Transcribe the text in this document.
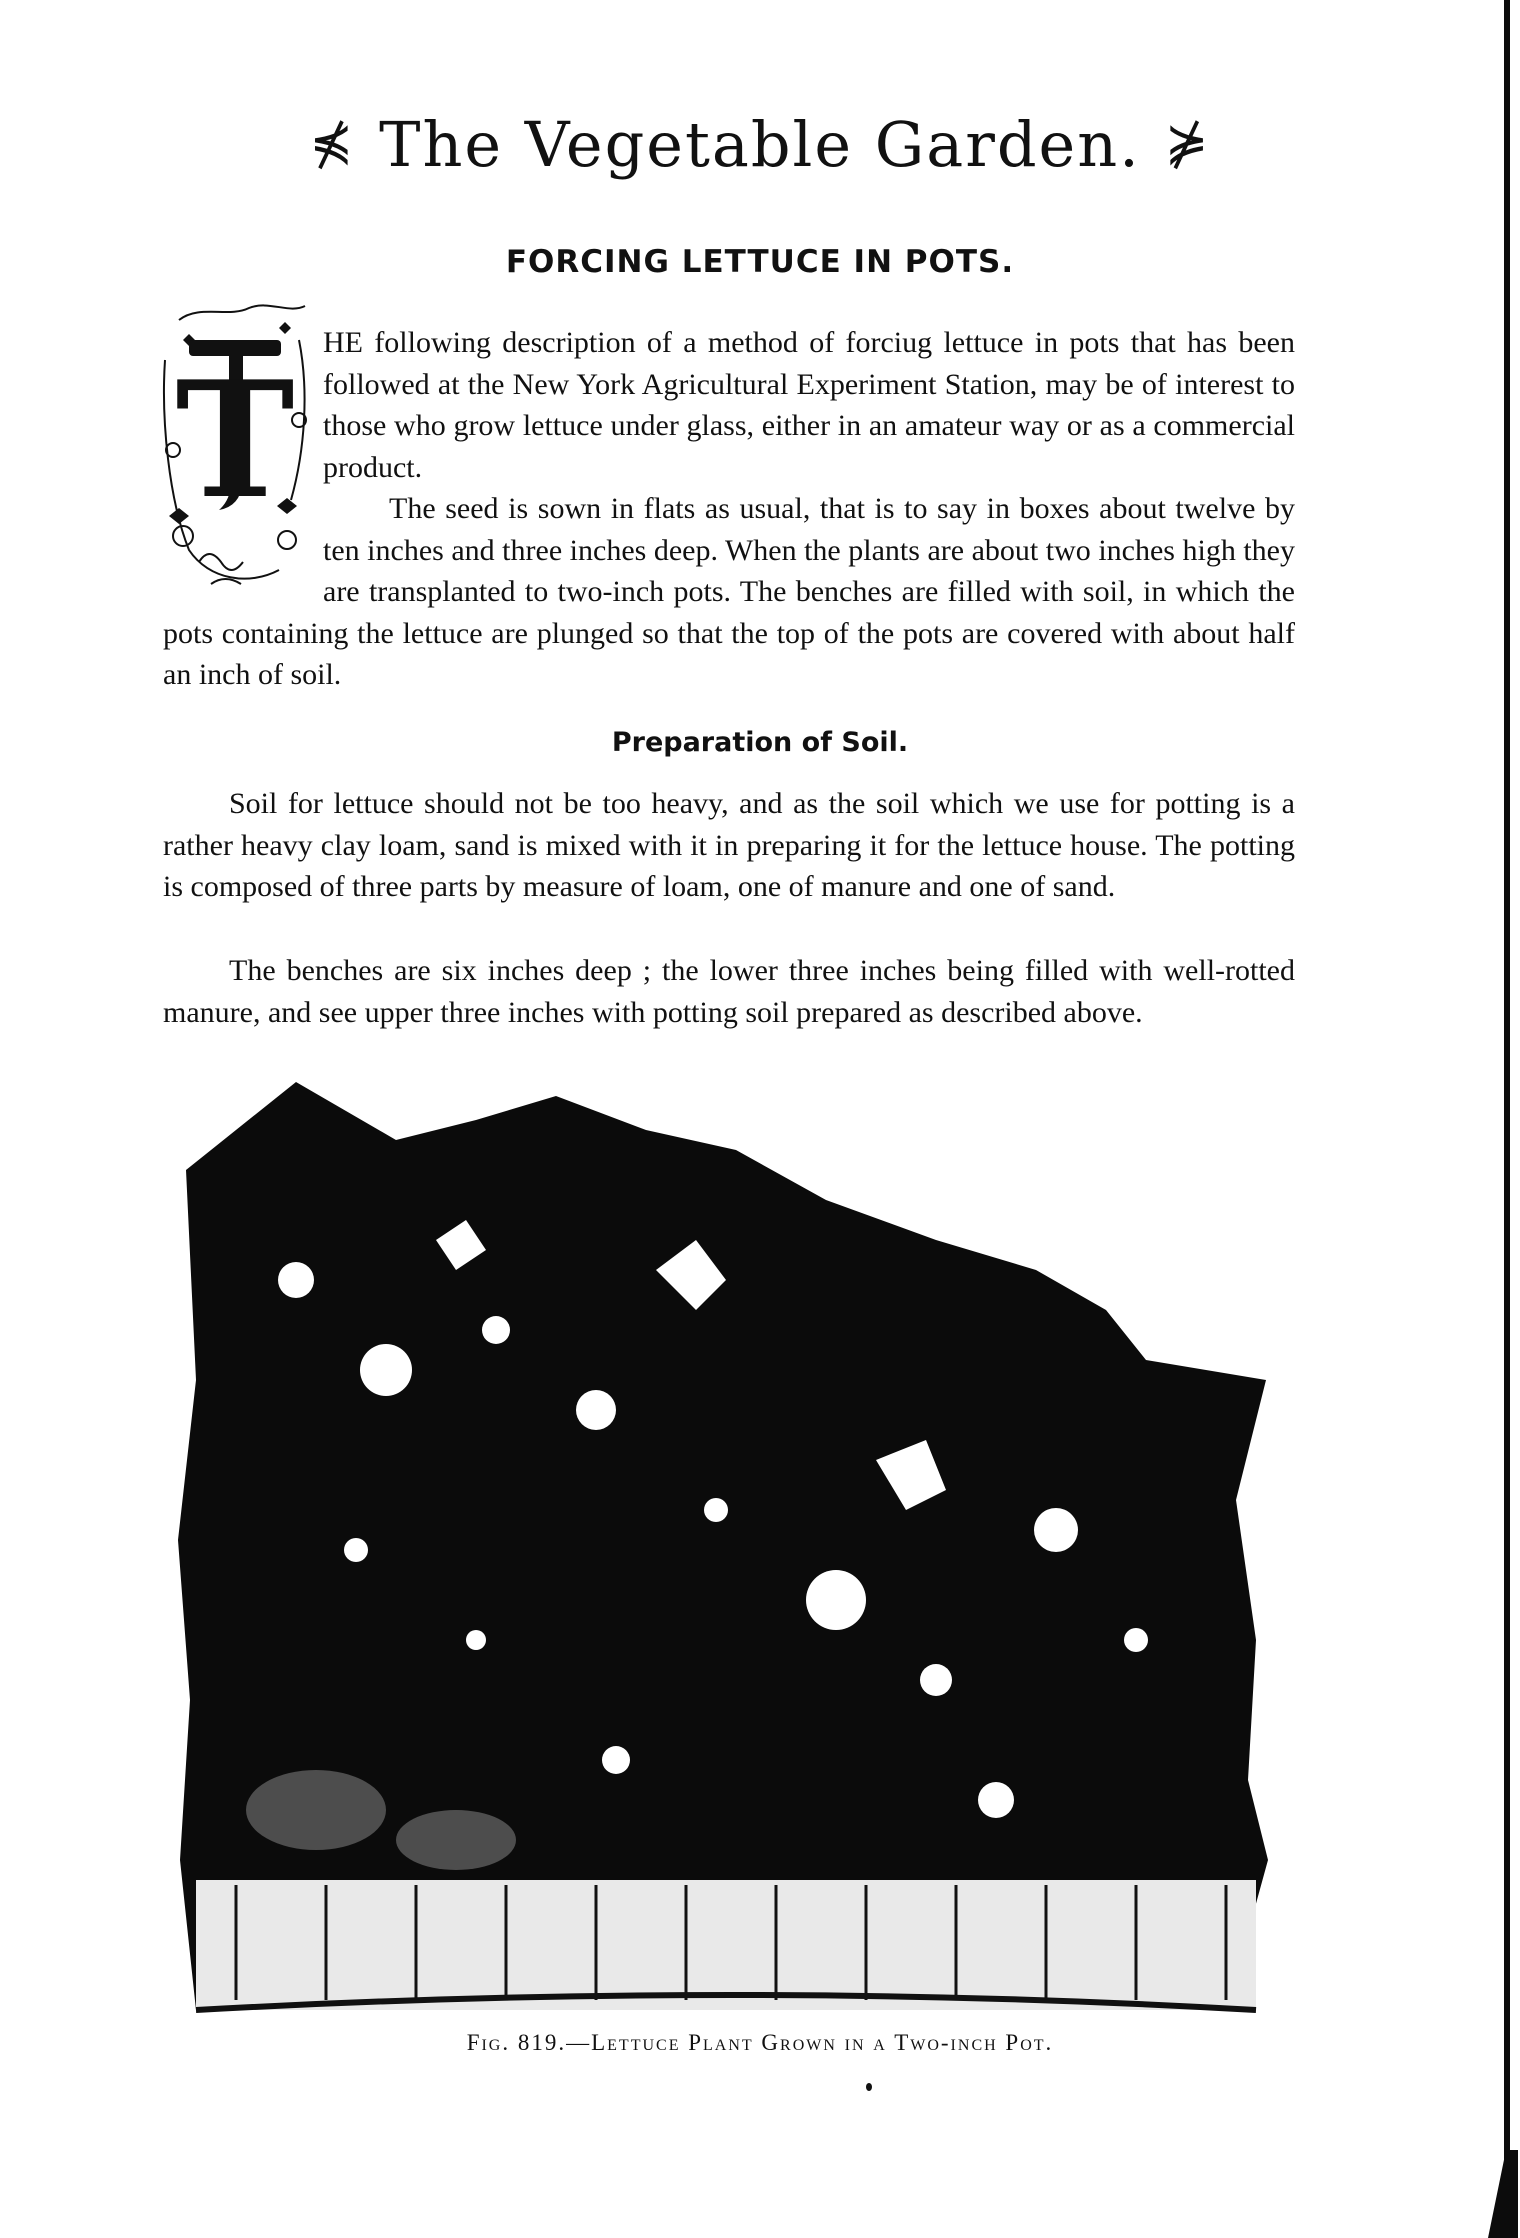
⋠ The Vegetable Garden. ⋡
FORCING LETTUCE IN POTS.
T
HE following description of a method of forciug lettuce in pots that has been followed at the New York Agricultural Experiment Station, may be of interest to those who grow lettuce under glass, either in an amateur way or as a commercial product.
The seed is sown in flats as usual, that is to say in boxes about twelve by ten inches and three inches deep. When the plants are about two inches high they are transplanted to two-inch pots. The benches are filled with soil, in which the pots containing the lettuce are plunged so that the top of the pots are covered with about half an inch of soil.
Preparation of Soil.
Soil for lettuce should not be too heavy, and as the soil which we use for potting is a rather heavy clay loam, sand is mixed with it in preparing it for the lettuce house. The potting is composed of three parts by measure of loam, one of manure and one of sand.
The benches are six inches deep ; the lower three inches being filled with well-rotted manure, and see upper three inches with potting soil prepared as described above.
Fig. 819.—Lettuce Plant Grown in a Two-inch Pot.
